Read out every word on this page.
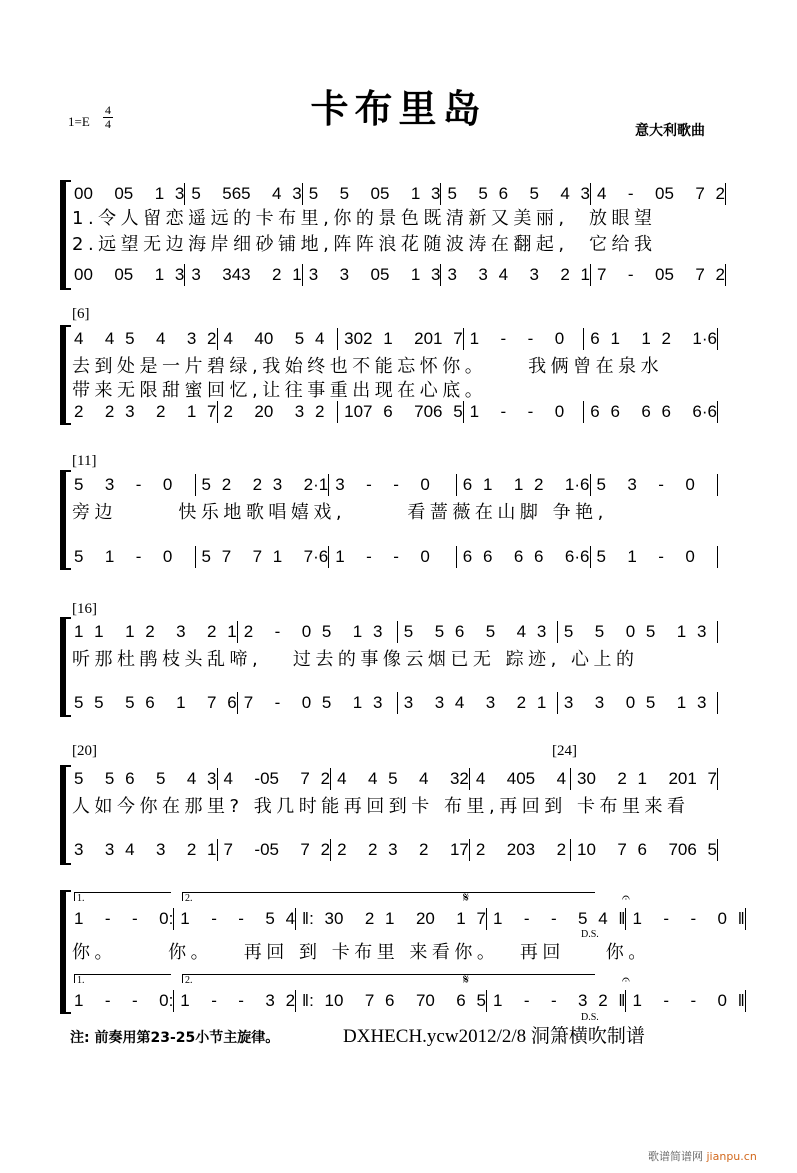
卡布里岛
1=E
4
4	意大利歌曲
00  05  1 3 5  565  4 3 5  5  05  1 3 5  5 6  5  4 3 4  -  05  7 2
00  05  1 3 3  343  2 1 3  3  05  1 3 3  3 4  3  2 1 7  -  05  7 2
1.令人留恋遥远的卡布里,你的景色既清新又美丽,  放眼望
2.远望无边海岸细砂铺地,阵阵浪花随波涛在翻起,  它给我
[6]
4  4 5  4  3 2 4  40  5 4	302 1  201 7 1  -  -  0	6 1  1 2  1·6
2  2 3  2  1 7 2  20  3 2	107 6  706 5 1  -  -  0	6 6  6 6  6·6
去到处是一片碧绿,我始终也不能忘怀你。    我俩曾在泉水
带来无限甜蜜回忆,让往事重出现在心底。
[11]
5  3  -  0	5 2  2 3  2·1 3  -  -  0	6 1  1 2  1·6 5  3  -  0
5  1  -  0	5 7  7 1  7·6 1  -  -  0	6 6  6 6  6·6 5  1  -  0
旁边      快乐地歌唱嬉戏,      看蔷薇在山脚 争艳,
[16]
1 1  1 2  3  2 1 2  -  0 5  1 3	5  5 6  5  4 3	5  5  0 5  1 3
5 5  5 6  1  7 6 7  -  0 5  1 3	3  3 4  3  2 1	3  3  0 5  1 3
听那杜鹃枝头乱啼,   过去的事像云烟已无 踪迹, 心上的
[20]	[24]
5  5 6  5  4 3 4  -05  7 2 4  4 5  4  32 4  405  4 30  2 1  201 7
3  3 4  3  2 1 7  -05  7 2 2  2 3  2  17 2  203  2 10  7 6  706 5
人如今你在那里? 我几时能再回到卡 布里,再回到 卡布里来看
1  -  -  0: 1  -  -  5 4 ‖: 30  2 1  20  1 7 1  -  -  5 4 ‖ 1  -  -  0 ‖
1  -  -  0: 1  -  -  3 2 ‖: 10  7 6  70  6 5 1  -  -  3 2 ‖ 1  -  -  0 ‖
你。     你。   再回 到 卡布里 来看你。  再回    你。
1.	2.	𝄋	𝄐
1.	2.	𝄋	𝄐
D.S.
D.S.
注: 前奏用第23-25小节主旋律。	DXHECH.ycw2012/2/8 洞箫横吹制谱
歌谱简谱网 jianpu.cn
